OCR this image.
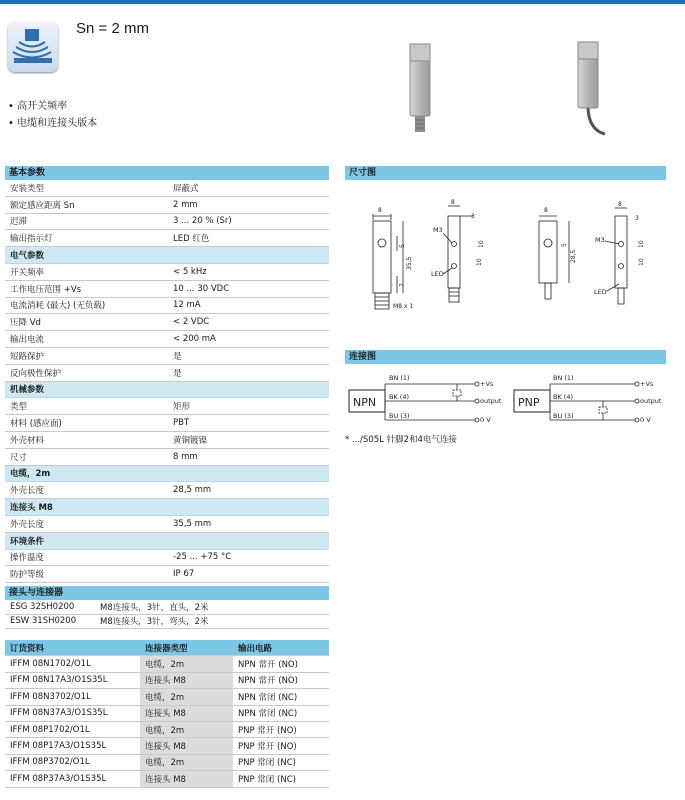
Sn = 2 mm
• 高开关频率
• 电缆和连接头版本
基本参数
安装类型	屏蔽式
额定感应距离 Sn	2 mm
迟滞	3 ... 20 % (Sr)
输出指示灯	LED 红色
电气参数	
开关频率	< 5 kHz
工作电压范围 +Vs	10 ... 30 VDC
电流消耗 (最大) (无负载)	12 mA
压降 Vd	< 2 VDC
输出电流	< 200 mA
短路保护	是
反向极性保护	是
机械参数	
类型	矩形
材料 (感应面)	PBT
外壳材料	黄铜镀镍
尺寸	8 mm
电缆，2m	
外壳长度	28,5 mm
连接头 M8	
外壳长度	35,5 mm
环境条件	
操作温度	-25 ... +75 °C
防护等级	IP 67
接头与连接器
ESG 32SH0200	M8连接头，3针，直头，2米
ESW 31SH0200	M8连接头，3针，弯头，2米
订货资料	连接器类型	输出电路
IFFM 08N1702/O1L	电缆，2m	NPN 常开 (NO)
IFFM 08N17A3/O1S35L	连接头 M8	NPN 常开 (NO)
IFFM 08N3702/O1L	电缆，2m	NPN 常闭 (NC)
IFFM 08N37A3/O1S35L	连接头 M8	NPN 常闭 (NC)
IFFM 08P1702/O1L	电缆，2m	PNP 常开 (NO)
IFFM 08P17A3/O1S35L	连接头 M8	PNP 常开 (NO)
IFFM 08P3702/O1L	电缆，2m	PNP 常闭 (NC)
IFFM 08P37A3/O1S35L	连接头 M8	PNP 常闭 (NC)
尺寸图
8
5
35,5
7
M8 x 1
8
3
10
10
M3
LED
8
5
28,5
8
3
10
10
M3
LED
连接图
NPN
BN (1)
BK (4)
BU (3)
+Vs
output
0 V
PNP
BN (1)
BK (4)
BU (3)
+Vs
output
0 V
* .../S05L 针脚2和4电气连接
